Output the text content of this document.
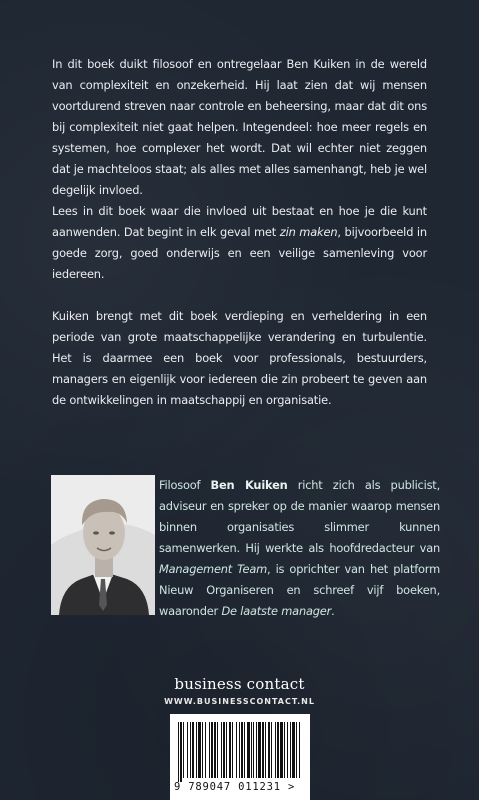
In dit boek duikt filosoof en ontregelaar Ben Kuiken in de wereld van complexiteit en onzekerheid. Hij laat zien dat wij mensen voortdurend streven naar controle en beheersing, maar dat dit ons bij complexiteit niet gaat helpen. Integendeel: hoe meer regels en systemen, hoe complexer het wordt. Dat wil echter niet zeggen dat je machteloos staat; als alles met alles samenhangt, heb je wel degelijk invloed.
Lees in dit boek waar die invloed uit bestaat en hoe je die kunt aanwenden. Dat begint in elk geval met zin maken, bijvoorbeeld in goede zorg, goed onderwijs en een veilige samenleving voor iedereen.

Kuiken brengt met dit boek verdieping en verheldering in een periode van grote maatschappelijke verandering en turbulentie. Het is daarmee een boek voor professionals, bestuurders, managers en eigenlijk voor iedereen die zin probeert te geven aan de ontwikkelingen in maatschappij en organisatie.

Filosoof Ben Kuiken richt zich als publicist, adviseur en spreker op de manier waarop mensen binnen organisaties slimmer kunnen samenwerken. Hij werkte als hoofdredacteur van Management Team, is oprichter van het platform Nieuw Organiseren en schreef vijf boeken, waaronder De laatste manager.

business contact
WWW.BUSINESSCONTACT.NL
9 789047 011231 >
